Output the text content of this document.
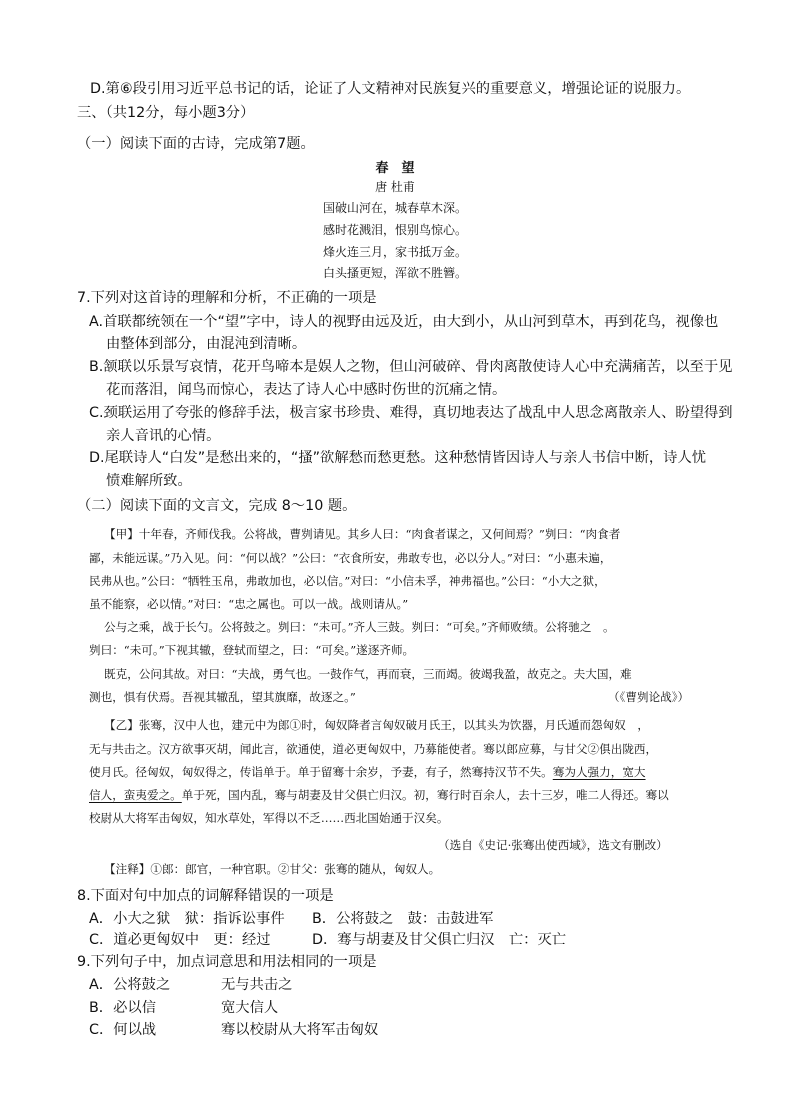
D.第⑥段引用习近平总书记的话，论证了人文精神对民族复兴的重要意义，增强论证的说服力。
三、（共12分，每小题3分）
（一）阅读下面的古诗，完成第7题。
春　望
唐 杜甫
国破山河在，城春草木深。
感时花溅泪，恨别鸟惊心。
烽火连三月，家书抵万金。
白头搔更短，浑欲不胜簪。
7.下列对这首诗的理解和分析，不正确的一项是
A.首联都统领在一个“望”字中，诗人的视野由远及近，由大到小，从山河到草木，再到花鸟，视像也
由整体到部分，由混沌到清晰。
B.颔联以乐景写哀情，花开鸟啼本是娱人之物，但山河破碎、骨肉离散使诗人心中充满痛苦，以至于见
花而落泪，闻鸟而惊心，表达了诗人心中感时伤世的沉痛之情。
C.颈联运用了夸张的修辞手法，极言家书珍贵、难得，真切地表达了战乱中人思念离散亲人、盼望得到
亲人音讯的心情。
D.尾联诗人“白发”是愁出来的，“搔”欲解愁而愁更愁。这种愁情皆因诗人与亲人书信中断，诗人忧
愤难解所致。
（二）阅读下面的文言文，完成 8～10 题。
【甲】十年春，齐师伐我。公将战，曹刿请见。其乡人曰：“肉食者谋之，又何间焉？”刿曰：“肉食者
鄙，未能远谋。”乃入见。问：“何以战？”公曰：“衣食所安，弗敢专也，必以分人。”对曰：“小惠未遍，
民弗从也。”公曰：“牺牲玉帛，弗敢加也，必以信。”对曰：“小信未孚，神弗福也。”公曰：“小大之狱，
虽不能察，必以情。”对曰：“忠之属也。可以一战。战则请从。”
公与之乘，战于长勺。公将鼓之。刿曰：“未可。”齐人三鼓。刿曰：“可矣。”齐师败绩。公将驰之　。
刿曰：“未可。”下视其辙，登轼而望之，曰：“可矣。”遂逐齐师。
既克，公问其故。对曰：“夫战，勇气也。一鼓作气，再而衰，三而竭。彼竭我盈，故克之。夫大国，难
测也，惧有伏焉。吾视其辙乱，望其旗靡，故逐之。”	（《曹刿论战》）
【乙】张骞，汉中人也，建元中为郎①时，匈奴降者言匈奴破月氏王，以其头为饮器，月氏遁而怨匈奴　，
无与共击之。汉方欲事灭胡，闻此言，欲通使，道必更匈奴中，乃募能使者。骞以郎应募，与甘父②俱出陇西，
使月氏。径匈奴，匈奴得之，传诣单于。单于留骞十余岁，予妻，有子，然骞持汉节不失。骞为人强力，宽大
信人，蛮夷爱之。单于死，国内乱，骞与胡妻及甘父俱亡归汉。初，骞行时百余人，去十三岁，唯二人得还。骞以
校尉从大将军击匈奴，知水草处，军得以不乏……西北国始通于汉矣。
（选自《史记·张骞出使西域》，选文有删改）
【注释】①郎：郎官，一种官职。②甘父：张骞的随从，匈奴人。
8.下面对句中加点的词解释错误的一项是
A．小大之狱　狱：指诉讼事件 B．公将鼓之　鼓：击鼓进军
C．道必更匈奴中　更：经过	D．骞与胡妻及甘父俱亡归汉　亡：灭亡
9.下列句子中，加点词意思和用法相同的一项是
A．公将鼓之	无与共击之
B．必以信	宽大信人
C．何以战	骞以校尉从大将军击匈奴
